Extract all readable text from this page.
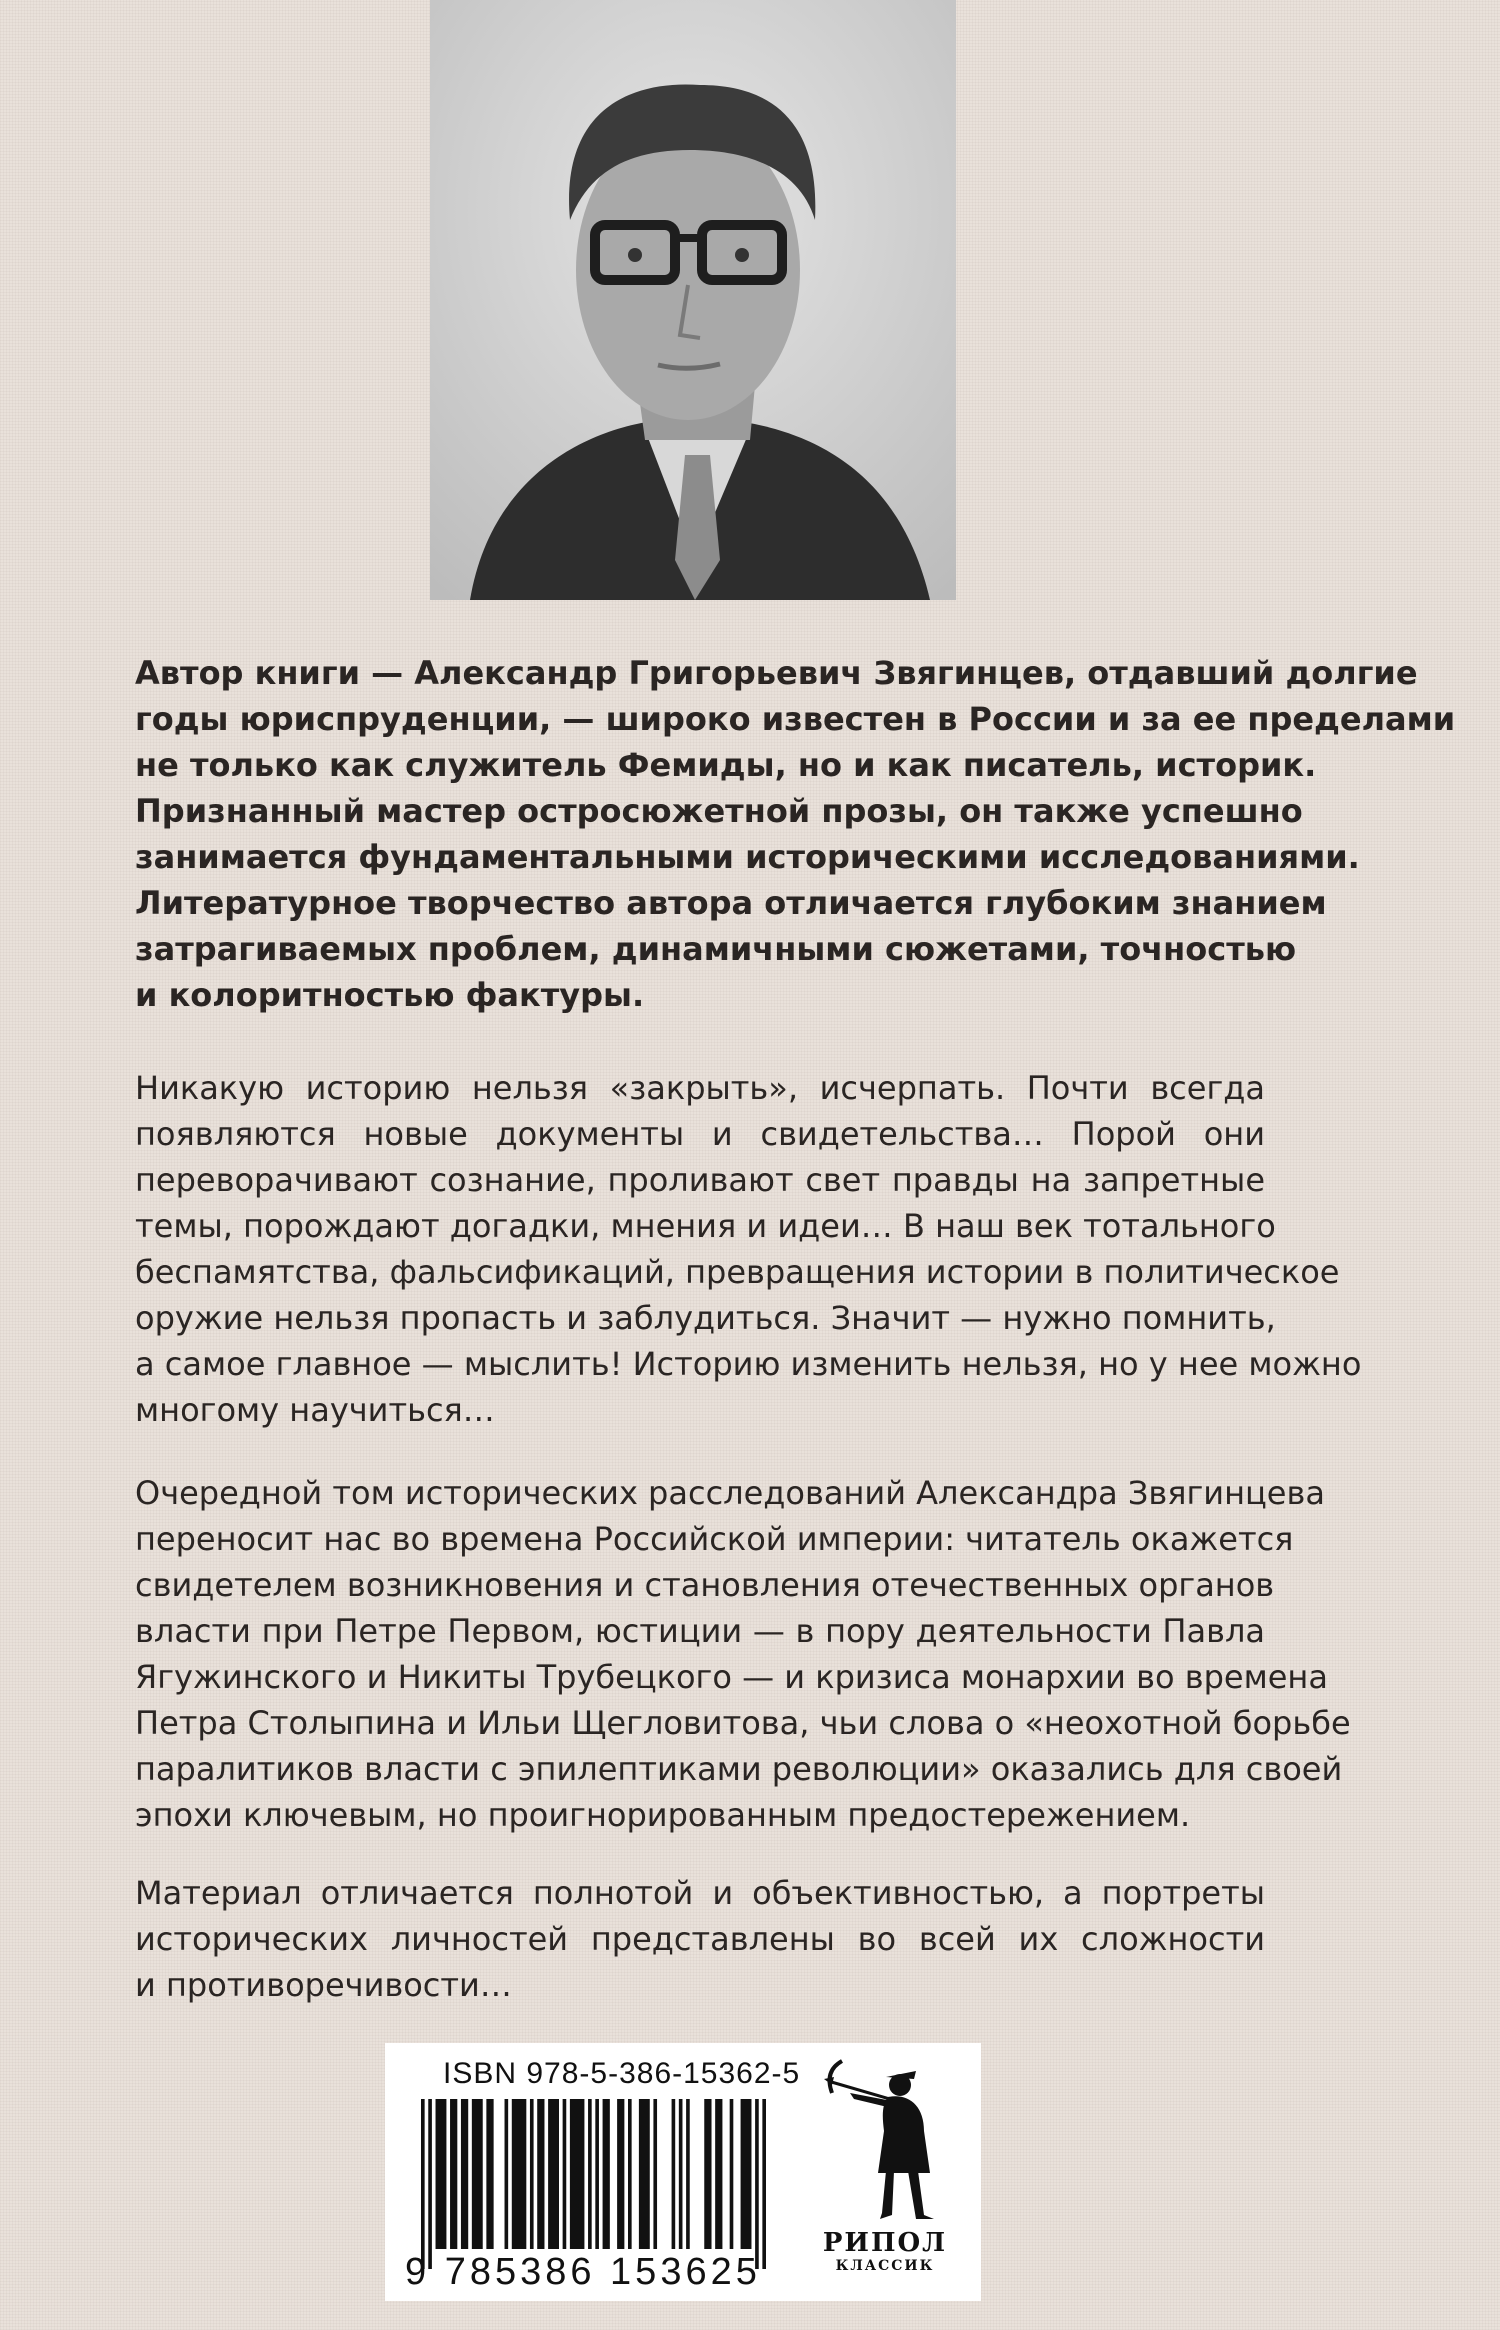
Автор книги — Александр Григорьевич Звягинцев, отдавший долгие
годы юриспруденции, — широко известен в России и за ее пределами
не только как служитель Фемиды, но и как писатель, историк.
Признанный мастер остросюжетной прозы, он также успешно
занимается фундаментальными историческими исследованиями.
Литературное творчество автора отличается глубоким знанием
затрагиваемых проблем, динамичными сюжетами, точностью
и колоритностью фактуры.

Никакую историю нельзя «закрыть», исчерпать. Почти всегда
появляются новые документы и свидетельства… Порой они
переворачивают сознание, проливают свет правды на запретные
темы, порождают догадки, мнения и идеи… В наш век тотального
беспамятства, фальсификаций, превращения истории в политическое
оружие нельзя пропасть и заблудиться. Значит — нужно помнить,
а самое главное — мыслить! Историю изменить нельзя, но у нее можно
многому научиться…

Очередной том исторических расследований Александра Звягинцева
переносит нас во времена Российской империи: читатель окажется
свидетелем возникновения и становления отечественных органов
власти при Петре Первом, юстиции — в пору деятельности Павла
Ягужинского и Никиты Трубецкого — и кризиса монархии во времена
Петра Столыпина и Ильи Щегловитова, чьи слова о «неохотной борьбе
паралитиков власти с эпилептиками революции» оказались для своей
эпохи ключевым, но проигнорированным предостережением.

Материал отличается полнотой и объективностью, а портреты
исторических личностей представлены во всей их сложности
и противоречивости…

ISBN 978-5-386-15362-5
9 785386 153625
РИПОЛ
КЛАССИК
